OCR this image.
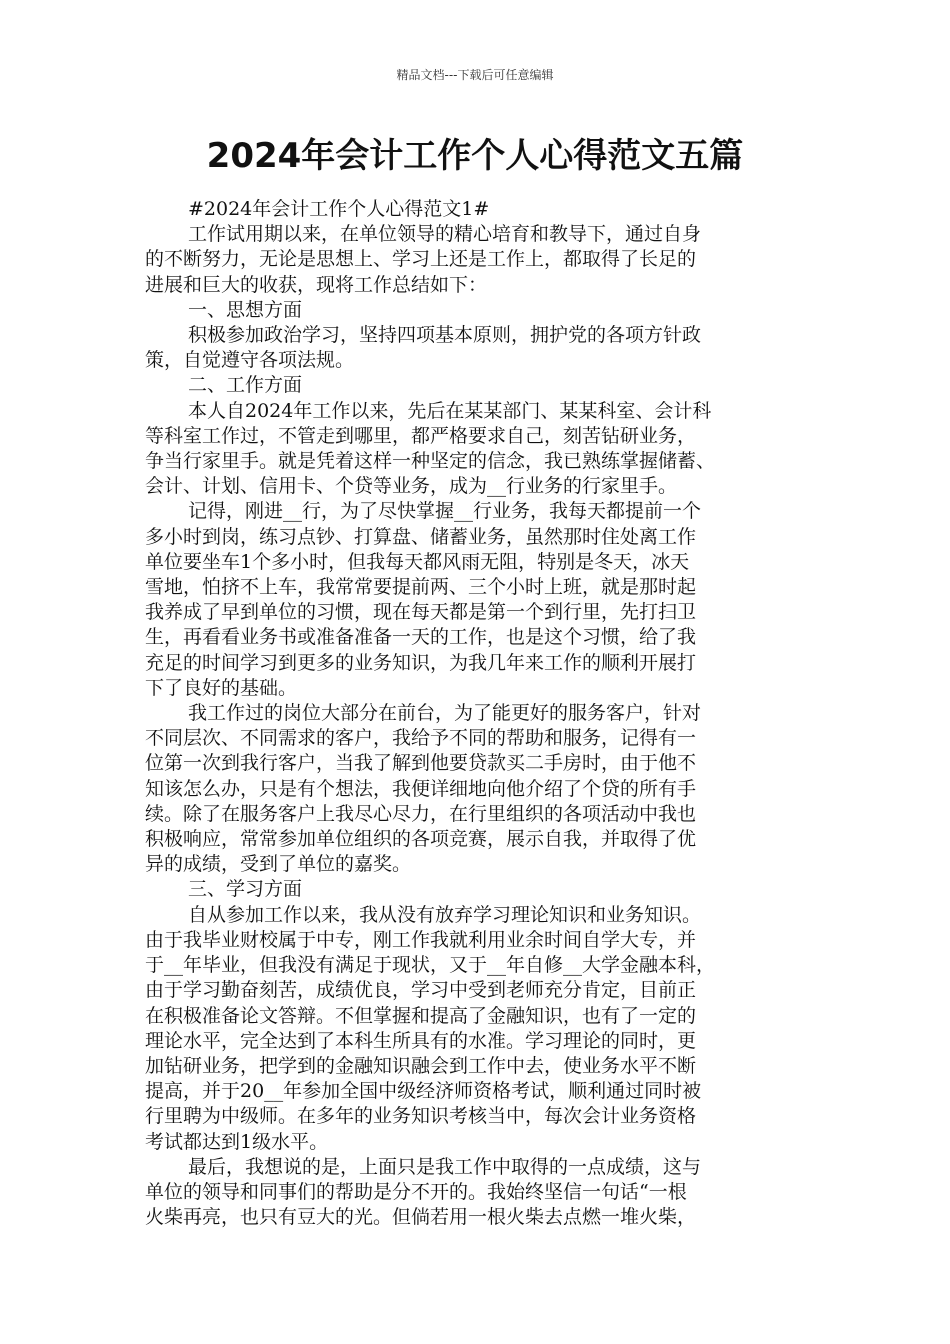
精品文档---下载后可任意编辑
2024年会计工作个人心得范文五篇
#2024年会计工作个人心得范文1#
工作试用期以来，在单位领导的精心培育和教导下，通过自身
的不断努力，无论是思想上、学习上还是工作上，都取得了长足的
进展和巨大的收获，现将工作总结如下：
一、思想方面
积极参加政治学习，坚持四项基本原则，拥护党的各项方针政
策，自觉遵守各项法规。
二、工作方面
本人自2024年工作以来，先后在某某部门、某某科室、会计科
等科室工作过，不管走到哪里，都严格要求自己，刻苦钻研业务，
争当行家里手。就是凭着这样一种坚定的信念，我已熟练掌握储蓄、
会计、计划、信用卡、个贷等业务，成为__行业务的行家里手。
记得，刚进__行，为了尽快掌握__行业务，我每天都提前一个
多小时到岗，练习点钞、打算盘、储蓄业务，虽然那时住处离工作
单位要坐车1个多小时，但我每天都风雨无阻，特别是冬天，冰天
雪地，怕挤不上车，我常常要提前两、三个小时上班，就是那时起
我养成了早到单位的习惯，现在每天都是第一个到行里，先打扫卫
生，再看看业务书或准备准备一天的工作，也是这个习惯，给了我
充足的时间学习到更多的业务知识，为我几年来工作的顺利开展打
下了良好的基础。
我工作过的岗位大部分在前台，为了能更好的服务客户，针对
不同层次、不同需求的客户，我给予不同的帮助和服务，记得有一
位第一次到我行客户，当我了解到他要贷款买二手房时，由于他不
知该怎么办，只是有个想法，我便详细地向他介绍了个贷的所有手
续。除了在服务客户上我尽心尽力，在行里组织的各项活动中我也
积极响应，常常参加单位组织的各项竞赛，展示自我，并取得了优
异的成绩，受到了单位的嘉奖。
三、学习方面
自从参加工作以来，我从没有放弃学习理论知识和业务知识。
由于我毕业财校属于中专，刚工作我就利用业余时间自学大专，并
于__年毕业，但我没有满足于现状，又于__年自修__大学金融本科，
由于学习勤奋刻苦，成绩优良，学习中受到老师充分肯定，目前正
在积极准备论文答辩。不但掌握和提高了金融知识，也有了一定的
理论水平，完全达到了本科生所具有的水准。学习理论的同时，更
加钻研业务，把学到的金融知识融会到工作中去，使业务水平不断
提高，并于20__年参加全国中级经济师资格考试，顺利通过同时被
行里聘为中级师。在多年的业务知识考核当中，每次会计业务资格
考试都达到1级水平。
最后，我想说的是，上面只是我工作中取得的一点成绩，这与
单位的领导和同事们的帮助是分不开的。我始终坚信一句话“一根
火柴再亮，也只有豆大的光。但倘若用一根火柴去点燃一堆火柴，
